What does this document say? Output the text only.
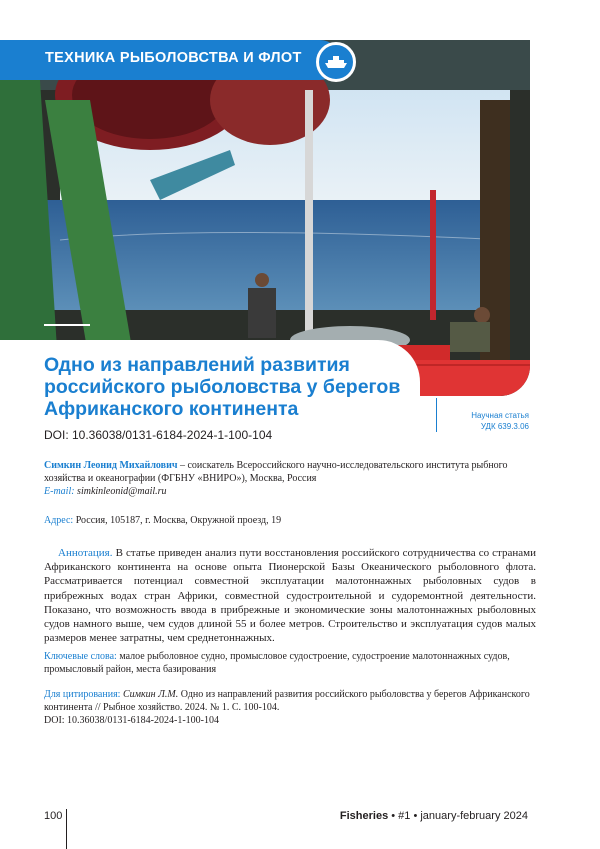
ТЕХНИКА РЫБОЛОВСТВА И ФЛОТ
Одно из направлений развития российского рыболовства у берегов Африканского континента
DOI: 10.36038/0131-6184-2024-1-100-104
Научная статья
УДК 639.3.06
Симкин Леонид Михайлович – соискатель Всероссийского научно-исследовательского института рыбного хозяйства и океанографии (ФГБНУ «ВНИРО»), Москва, Россия
E-mail: simkinleonid@mail.ru
Адрес: Россия, 105187, г. Москва, Окружной проезд, 19
Аннотация. В статье приведен анализ пути восстановления российского сотрудничества со странами Африканского континента на основе опыта Пионерской Базы Океанического рыболовного флота. Рассматривается потенциал совместной эксплуатации малотоннажных рыболовных судов в прибрежных водах стран Африки, совместной судостроительной и судоремонтной деятельности. Показано, что возможность ввода в прибрежные и экономические зоны малотоннажных рыболовных судов намного выше, чем судов длиной 55 и более метров. Строительство и эксплуатация судов малых размеров менее затратны, чем среднетоннажных.
Ключевые слова: малое рыболовное судно, промысловое судостроение, судостроение малотоннажных судов, промысловый район, места базирования
Для цитирования: Симкин Л.М. Одно из направлений развития российского рыболовства у берегов Африканского континента // Рыбное хозяйство. 2024. № 1. С. 100-104.
DOI: 10.36038/0131-6184-2024-1-100-104
100	Fisheries • #1 • january-february 2024
